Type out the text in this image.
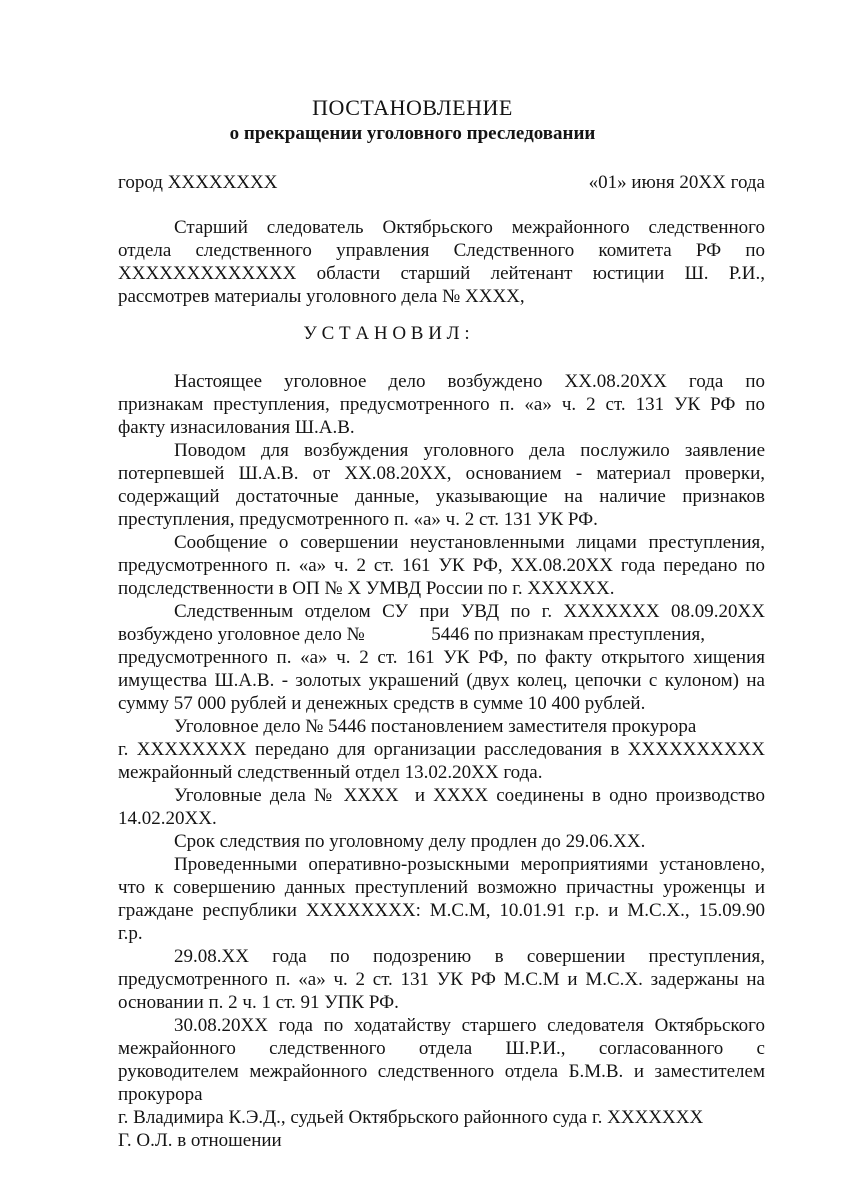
ПОСТАНОВЛЕНИЕ
о прекращении уголовного преследовании
город ХХХХХХХХ	«01» июня 20ХХ года
Старший следователь Октябрьского межрайонного следственного
отдела следственного управления Следственного комитета РФ по
ХХХХХХХХХХХХХ области старший лейтенант юстиции Ш. Р.И.,
рассмотрев материалы уголовного дела № ХХХХ,
У С Т А Н О В И Л :
Настоящее уголовное дело возбуждено ХХ.08.20ХХ года по
признакам преступления, предусмотренного п. «а» ч. 2 ст. 131 УК РФ по
факту изнасилования Ш.А.В.
Поводом для возбуждения уголовного дела послужило заявление
потерпевшей Ш.А.В. от ХХ.08.20ХХ, основанием - материал проверки,
содержащий достаточные данные, указывающие на наличие признаков
преступления, предусмотренного п. «а» ч. 2 ст. 131 УК РФ.
Сообщение о совершении неустановленными лицами преступления,
предусмотренного п. «а» ч. 2 ст. 161 УК РФ, ХХ.08.20ХХ года передано по
подследственности в ОП № Х УМВД России по г. ХХХХХХ.
Следственным отделом СУ при УВД по г. ХХХХХХХ 08.09.20ХХ
возбуждено уголовное дело №              5446 по признакам преступления,
предусмотренного п. «а» ч. 2 ст. 161 УК РФ, по факту открытого хищения
имущества Ш.А.В. - золотых украшений (двух колец, цепочки с кулоном) на
сумму 57 000 рублей и денежных средств в сумме 10 400 рублей.
Уголовное дело № 5446 постановлением заместителя прокурора
г. ХХХХХХХХ передано для организации расследования в ХХХХХХХХХХ
межрайонный следственный отдел 13.02.20ХХ года.
Уголовные дела № ХХХХ  и ХХХХ соединены в одно производство
14.02.20ХХ.
Срок следствия по уголовному делу продлен до 29.06.ХХ.
Проведенными оперативно-розыскными мероприятиями установлено,
что к совершению данных преступлений возможно причастны уроженцы и
граждане республики ХХХХХХХХ: М.С.М, 10.01.91 г.р. и М.С.Х., 15.09.90
г.р.
29.08.ХХ года по подозрению в совершении преступления,
предусмотренного п. «а» ч. 2 ст. 131 УК РФ М.С.М и М.С.Х. задержаны на
основании п. 2 ч. 1 ст. 91 УПК РФ.
30.08.20ХХ года по ходатайству старшего следователя Октябрьского
межрайонного следственного отдела Ш.Р.И., согласованного с
руководителем межрайонного следственного отдела Б.М.В. и заместителем
прокурора
г. Владимира К.Э.Д., судьей Октябрьского районного суда г. ХХХХХХХ
Г. О.Л. в отношении
